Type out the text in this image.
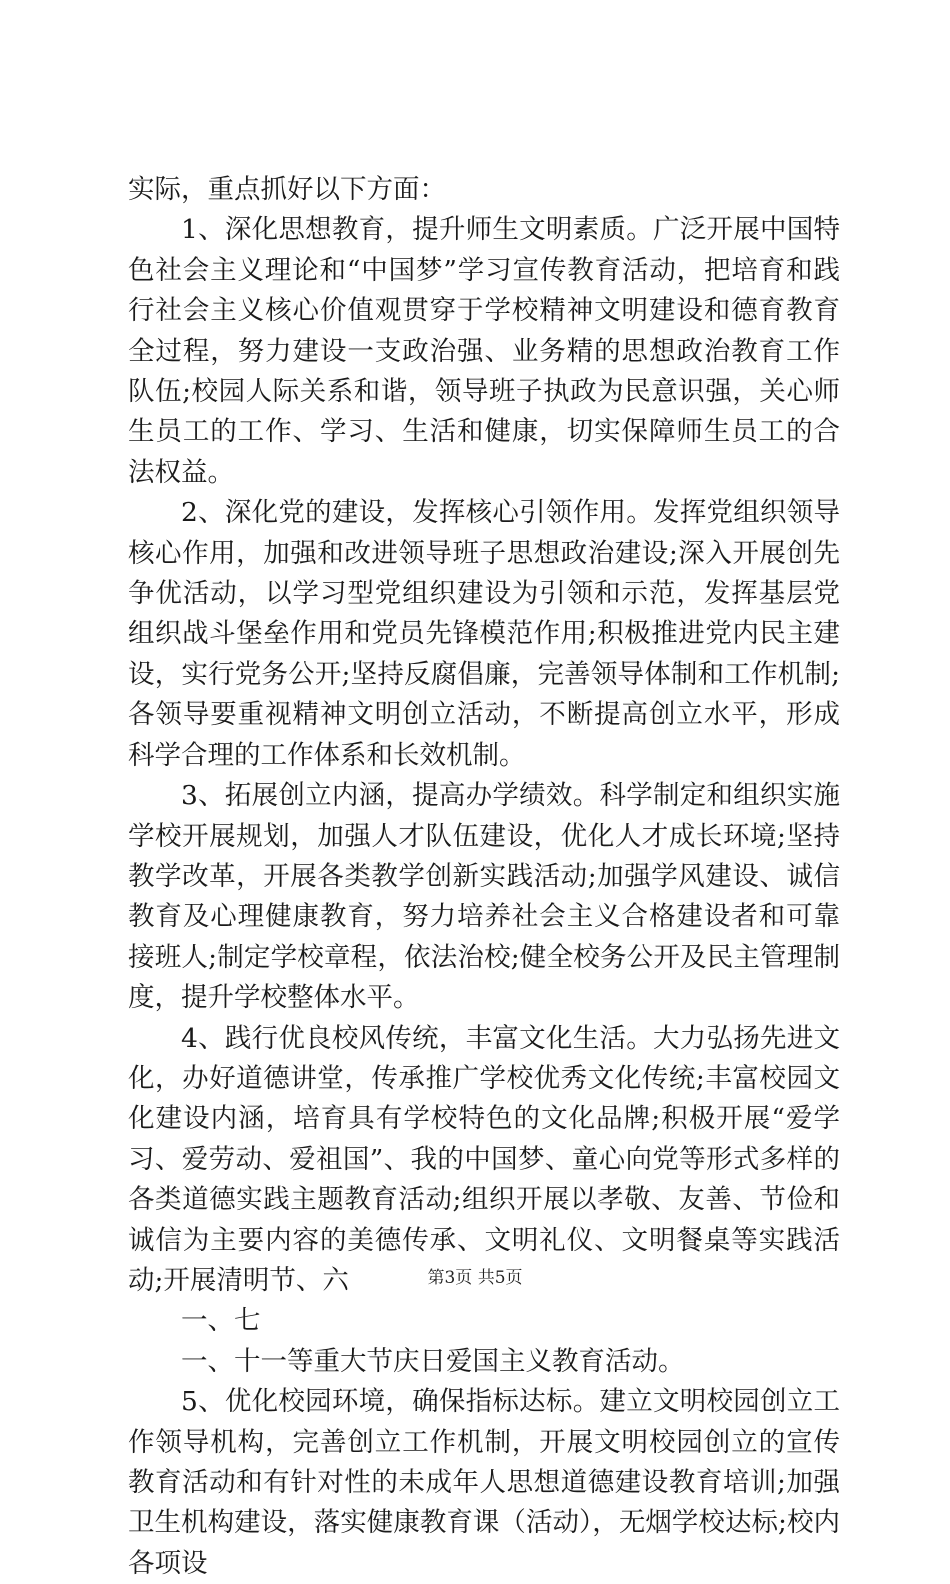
实际，重点抓好以下方面：

1、深化思想教育，提升师生文明素质。广泛开展中国特色社会主义理论和“中国梦”学习宣传教育活动，把培育和践行社会主义核心价值观贯穿于学校精神文明建设和德育教育全过程，努力建设一支政治强、业务精的思想政治教育工作队伍;校园人际关系和谐，领导班子执政为民意识强，关心师生员工的工作、学习、生活和健康，切实保障师生员工的合法权益。

2、深化党的建设，发挥核心引领作用。发挥党组织领导核心作用，加强和改进领导班子思想政治建设;深入开展创先争优活动，以学习型党组织建设为引领和示范，发挥基层党组织战斗堡垒作用和党员先锋模范作用;积极推进党内民主建设，实行党务公开;坚持反腐倡廉，完善领导体制和工作机制;各领导要重视精神文明创立活动，不断提高创立水平，形成科学合理的工作体系和长效机制。

3、拓展创立内涵，提高办学绩效。科学制定和组织实施学校开展规划，加强人才队伍建设，优化人才成长环境;坚持教学改革，开展各类教学创新实践活动;加强学风建设、诚信教育及心理健康教育，努力培养社会主义合格建设者和可靠接班人;制定学校章程，依法治校;健全校务公开及民主管理制度，提升学校整体水平。

4、践行优良校风传统，丰富文化生活。大力弘扬先进文化，办好道德讲堂，传承推广学校优秀文化传统;丰富校园文化建设内涵，培育具有学校特色的文化品牌;积极开展“爱学习、爱劳动、爱祖国”、我的中国梦、童心向党等形式多样的各类道德实践主题教育活动;组织开展以孝敬、友善、节俭和诚信为主要内容的美德传承、文明礼仪、文明餐桌等实践活动;开展清明节、六

一、七

一、十一等重大节庆日爱国主义教育活动。

5、优化校园环境，确保指标达标。建立文明校园创立工作领导机构，完善创立工作机制，开展文明校园创立的宣传教育活动和有针对性的未成年人思想道德建设教育培训;加强卫生机构建设，落实健康教育课（活动），无烟学校达标;校内各项设

第3页 共5页
